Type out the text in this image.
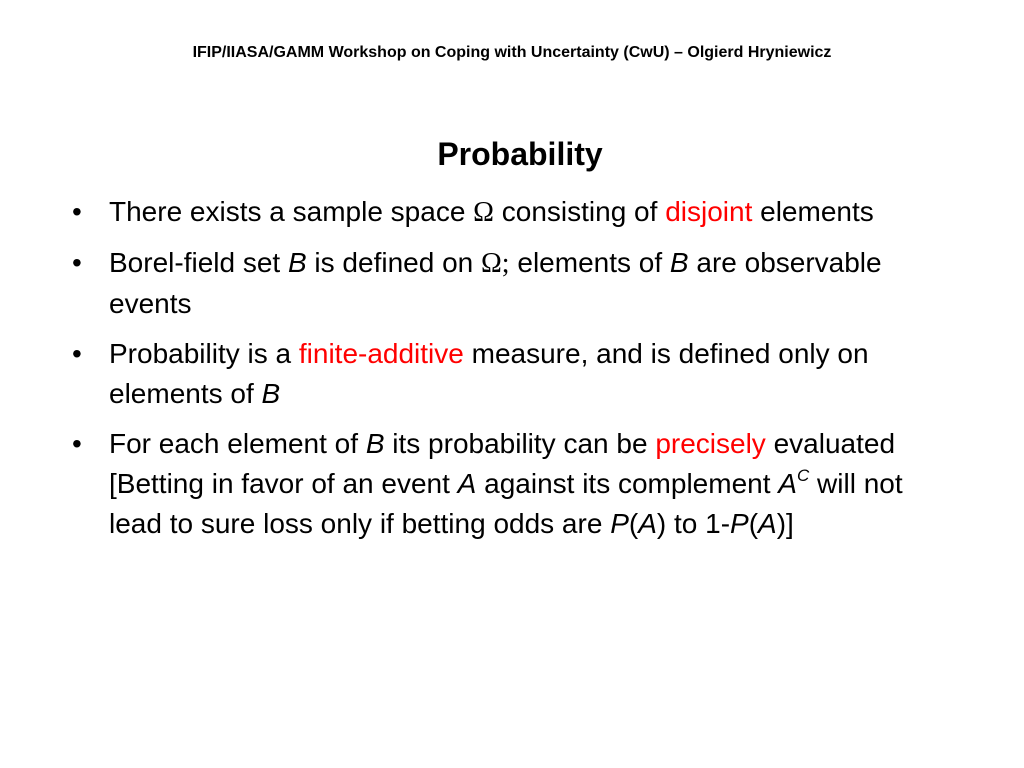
IFIP/IIASA/GAMM Workshop on Coping with Uncertainty (CwU) – Olgierd Hryniewicz
Probability
• There exists a sample space Ω consisting of disjoint elements
• Borel-field set B is defined on Ω; elements of B are observable events
• Probability is a finite-additive measure, and is defined only on elements of B
• For each element of B its probability can be precisely evaluated [Betting in favor of an event A against its complement $A^C$ will not lead to sure loss only if betting odds are P(A) to 1-P(A)]
